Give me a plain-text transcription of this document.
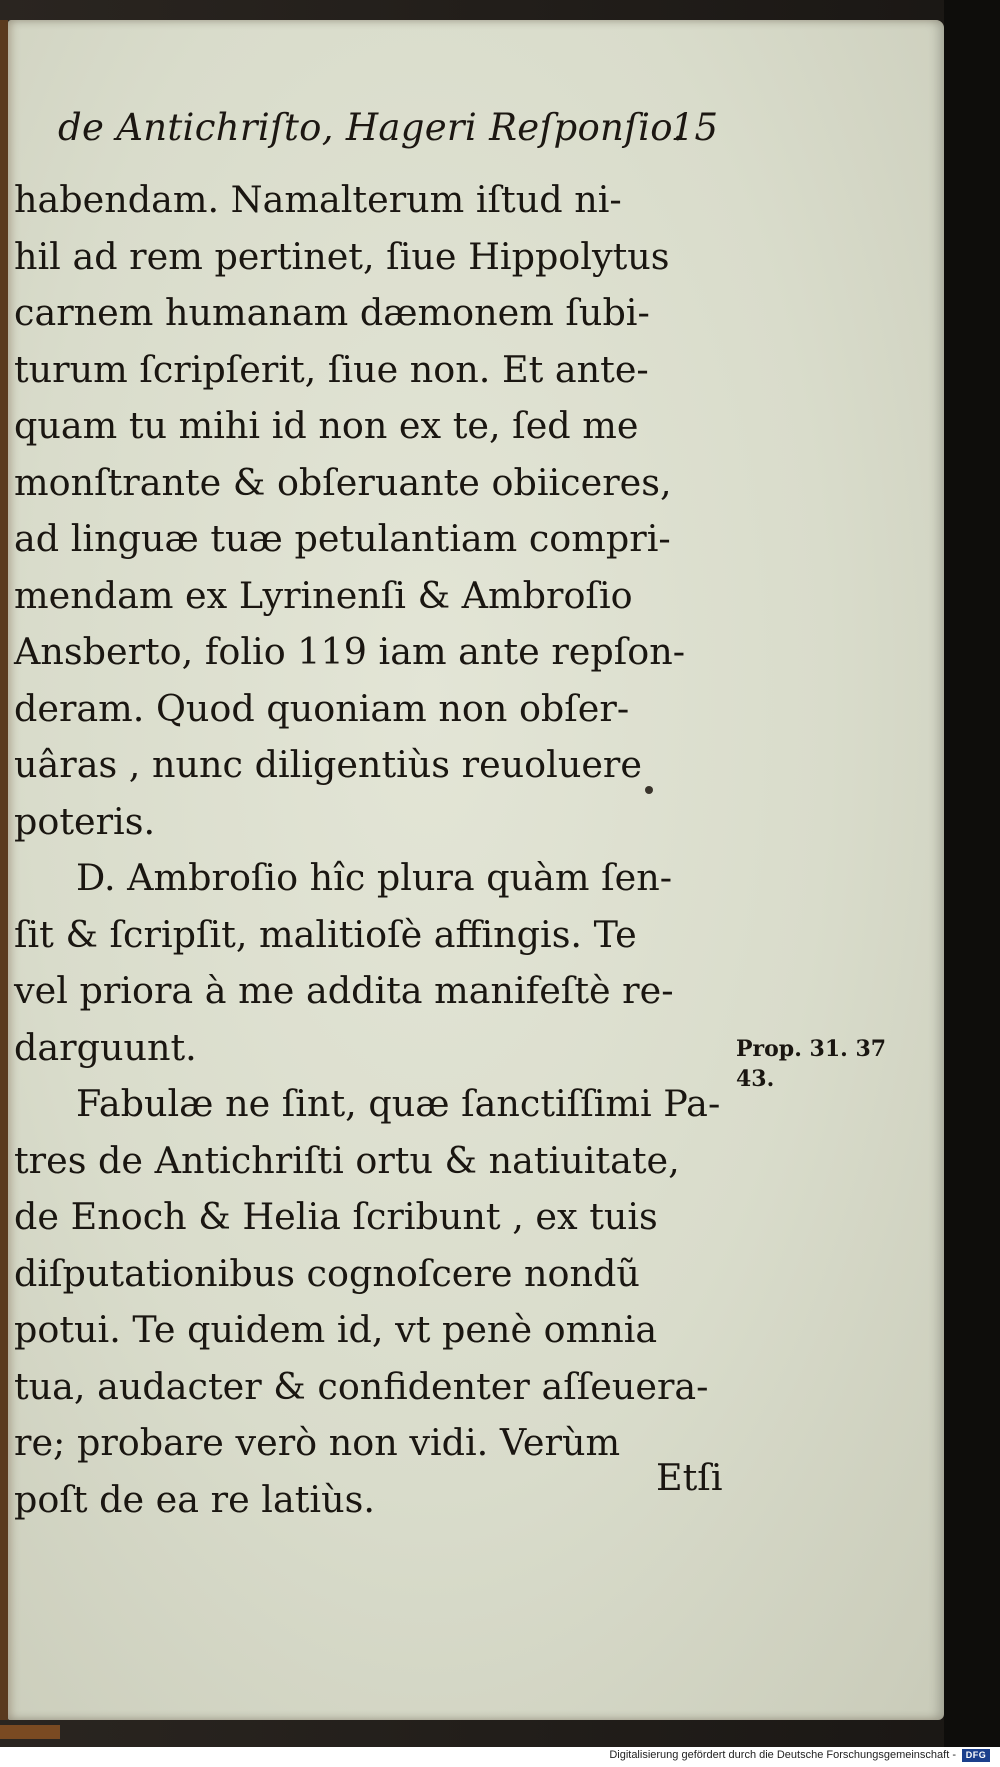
de Antichriſto, Hageri Reſponſio.
15
habendam. Namalterum iſtud ni-
hil ad rem pertinet, ſiue Hippolytus
carnem humanam dæmonem ſubi-
turum ſcripſerit, ſiue non. Et ante-
quam tu mihi id non ex te, ſed me
monſtrante & obſeruante obiiceres,
ad linguæ tuæ petulantiam compri-
mendam ex Lyrinenſi & Ambroſio
Ansberto, folio 119 iam ante repſon-
deram. Quod quoniam non obſer-
uâras , nunc diligentiùs reuoluere
poteris.
D. Ambroſio hîc plura quàm ſen-
ſit & ſcripſit, malitioſè affingis. Te
vel priora à me addita manifeſtè re-
darguunt.
Fabulæ ne ſint, quæ ſanctiſſimi Pa-
tres de Antichriſti ortu & natiuitate,
de Enoch & Helia ſcribunt , ex tuis
diſputationibus cognoſcere nondũ
potui. Te quidem id, vt penè omnia
tua, audacter & confidenter aſſeuera-
re; probare verò non vidi. Verùm
poſt de ea re latiùs.
Prop. 31. 37
43.
Etſi
Digitalisierung gefördert durch die Deutsche Forschungsgemeinschaft -	DFG
